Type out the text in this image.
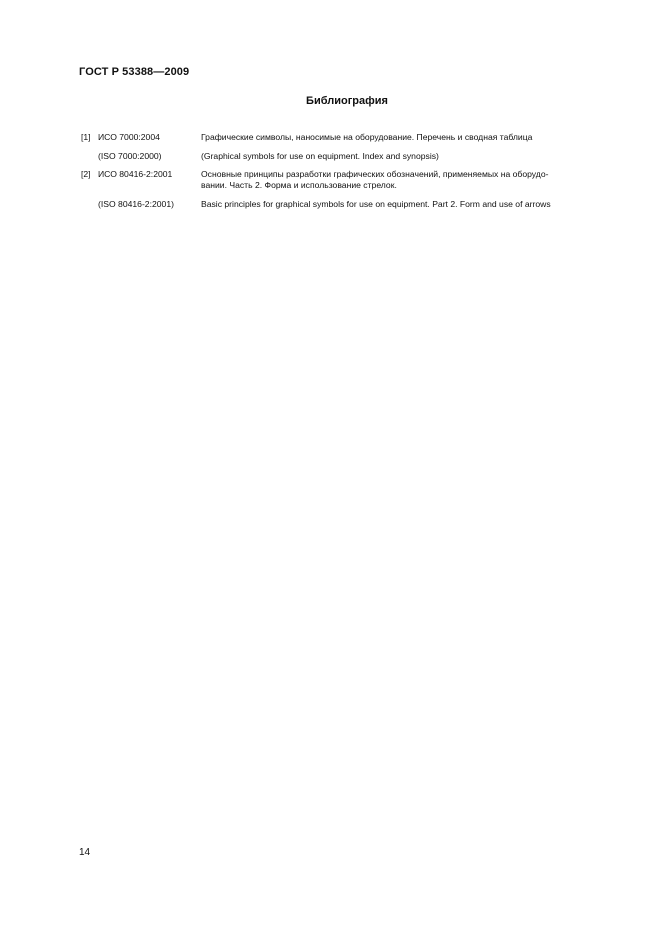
ГОСТ Р 53388—2009
Библиография
[1] ИСО 7000:2004	Графические символы, наносимые на оборудование. Перечень и сводная таблица
(ISO 7000:2000)	(Graphical symbols for use on equipment. Index and synopsis)
[2] ИСО 80416-2:2001	Основные принципы разработки графических обозначений, применяемых на оборудо-
вании. Часть 2. Форма и использование стрелок.
(ISO 80416-2:2001)	Basic principles for graphical symbols for use on equipment. Part 2. Form and use of arrows
14
